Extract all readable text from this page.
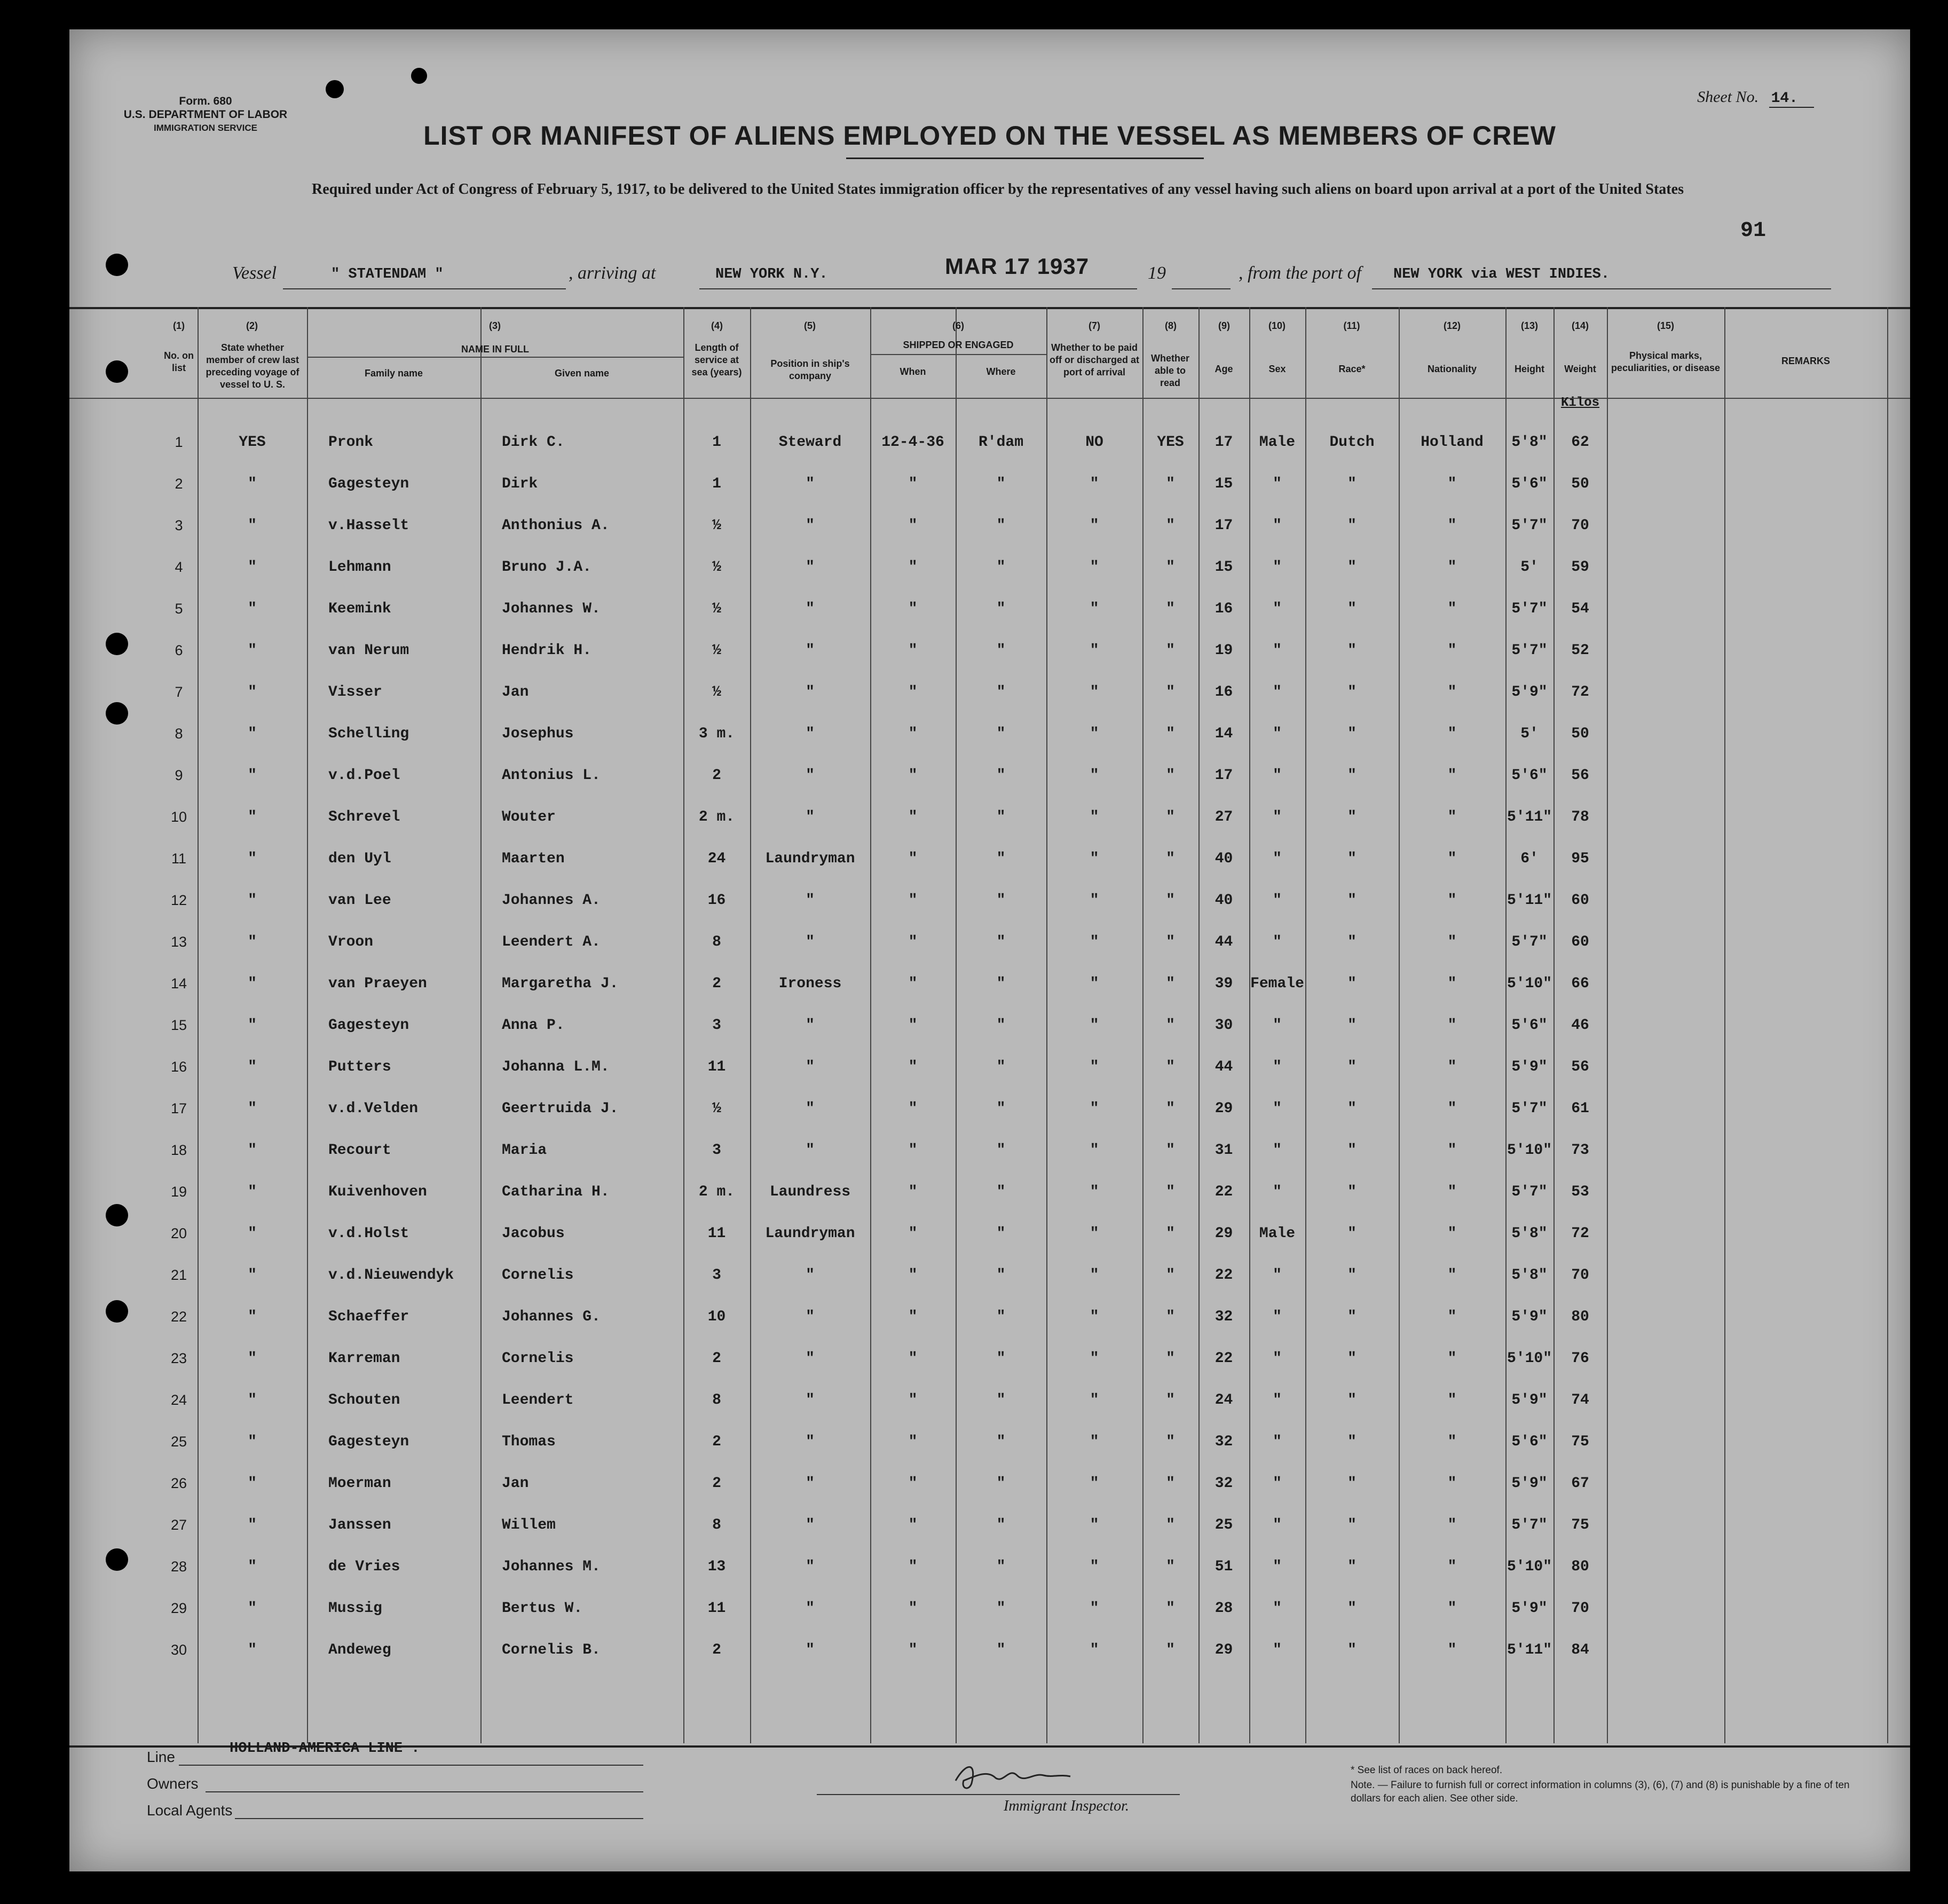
Form. 680
U.S. DEPARTMENT OF LABOR
IMMIGRATION SERVICE
Sheet No. 14.
LIST OR MANIFEST OF ALIENS EMPLOYED ON THE VESSEL AS MEMBERS OF CREW
Required under Act of Congress of February 5, 1917, to be delivered to the United States immigration officer by the representatives of any vessel having such aliens on board upon arrival at a port of the United States
91
Vessel	" STATENDAM "	, arriving at	NEW YORK N.Y.	MAR 17 1937	19	, from the port of NEW YORK via WEST INDIES.
(1)	(2)	(3)	(4)	(5)	(6)	(7)	(8)	(9)	(10)	(11)	(12)	(13)	(14)	(15)
No. on list
State whether member of crew last preceding voyage of vessel to U. S.
NAME IN FULL
Family name	Given name
Length of service at sea (years)
Position in ship's company
SHIPPED OR ENGAGED
When	Where
Whether to be paid off or discharged at port of arrival
Whether able to read
Age	Sex	Race*	Nationality	Height	Weight
Kilos
Physical marks, peculiarities, or disease
REMARKS
1	YES	Pronk	Dirk C.	1	Steward	12-4-36	R'dam	NO	YES	17	Male	Dutch	Holland	5'8"	62
2	"	Gagesteyn	Dirk	1	"	"	"	"	"	15	"	"	"	5'6"	50
3	"	v.Hasselt	Anthonius A.	½	"	"	"	"	"	17	"	"	"	5'7"	70
4	"	Lehmann	Bruno J.A.	½	"	"	"	"	"	15	"	"	"	5'	59
5	"	Keemink	Johannes W.	½	"	"	"	"	"	16	"	"	"	5'7"	54
6	"	van Nerum	Hendrik H.	½	"	"	"	"	"	19	"	"	"	5'7"	52
7	"	Visser	Jan	½	"	"	"	"	"	16	"	"	"	5'9"	72
8	"	Schelling	Josephus	3 m.	"	"	"	"	"	14	"	"	"	5'	50
9	"	v.d.Poel	Antonius L.	2	"	"	"	"	"	17	"	"	"	5'6"	56
10	"	Schrevel	Wouter	2 m.	"	"	"	"	"	27	"	"	"	5'11"	78
11	"	den Uyl	Maarten	24	Laundryman	"	"	"	"	40	"	"	"	6'	95
12	"	van Lee	Johannes A.	16	"	"	"	"	"	40	"	"	"	5'11"	60
13	"	Vroon	Leendert A.	8	"	"	"	"	"	44	"	"	"	5'7"	60
14	"	van Praeyen	Margaretha J.	2	Ironess	"	"	"	"	39	Female	"	"	5'10"	66
15	"	Gagesteyn	Anna P.	3	"	"	"	"	"	30	"	"	"	5'6"	46
16	"	Putters	Johanna L.M.	11	"	"	"	"	"	44	"	"	"	5'9"	56
17	"	v.d.Velden	Geertruida J.	½	"	"	"	"	"	29	"	"	"	5'7"	61
18	"	Recourt	Maria	3	"	"	"	"	"	31	"	"	"	5'10"	73
19	"	Kuivenhoven	Catharina H.	2 m.	Laundress	"	"	"	"	22	"	"	"	5'7"	53
20	"	v.d.Holst	Jacobus	11	Laundryman	"	"	"	"	29	Male	"	"	5'8"	72
21	"	v.d.Nieuwendyk	Cornelis	3	"	"	"	"	"	22	"	"	"	5'8"	70
22	"	Schaeffer	Johannes G.	10	"	"	"	"	"	32	"	"	"	5'9"	80
23	"	Karreman	Cornelis	2	"	"	"	"	"	22	"	"	"	5'10"	76
24	"	Schouten	Leendert	8	"	"	"	"	"	24	"	"	"	5'9"	74
25	"	Gagesteyn	Thomas	2	"	"	"	"	"	32	"	"	"	5'6"	75
26	"	Moerman	Jan	2	"	"	"	"	"	32	"	"	"	5'9"	67
27	"	Janssen	Willem	8	"	"	"	"	"	25	"	"	"	5'7"	75
28	"	de Vries	Johannes M.	13	"	"	"	"	"	51	"	"	"	5'10"	80
29	"	Mussig	Bertus W.	11	"	"	"	"	"	28	"	"	"	5'9"	70
30	"	Andeweg	Cornelis B.	2	"	"	"	"	"	29	"	"	"	5'11"	84
Line
Owners
Local Agents
HOLLAND-AMERICA LINE .
Immigrant Inspector.
* See list of races on back hereof.
Note. — Failure to furnish full or correct information in columns (3), (6), (7) and (8) is punishable by a fine of ten dollars for each alien. See other side.
